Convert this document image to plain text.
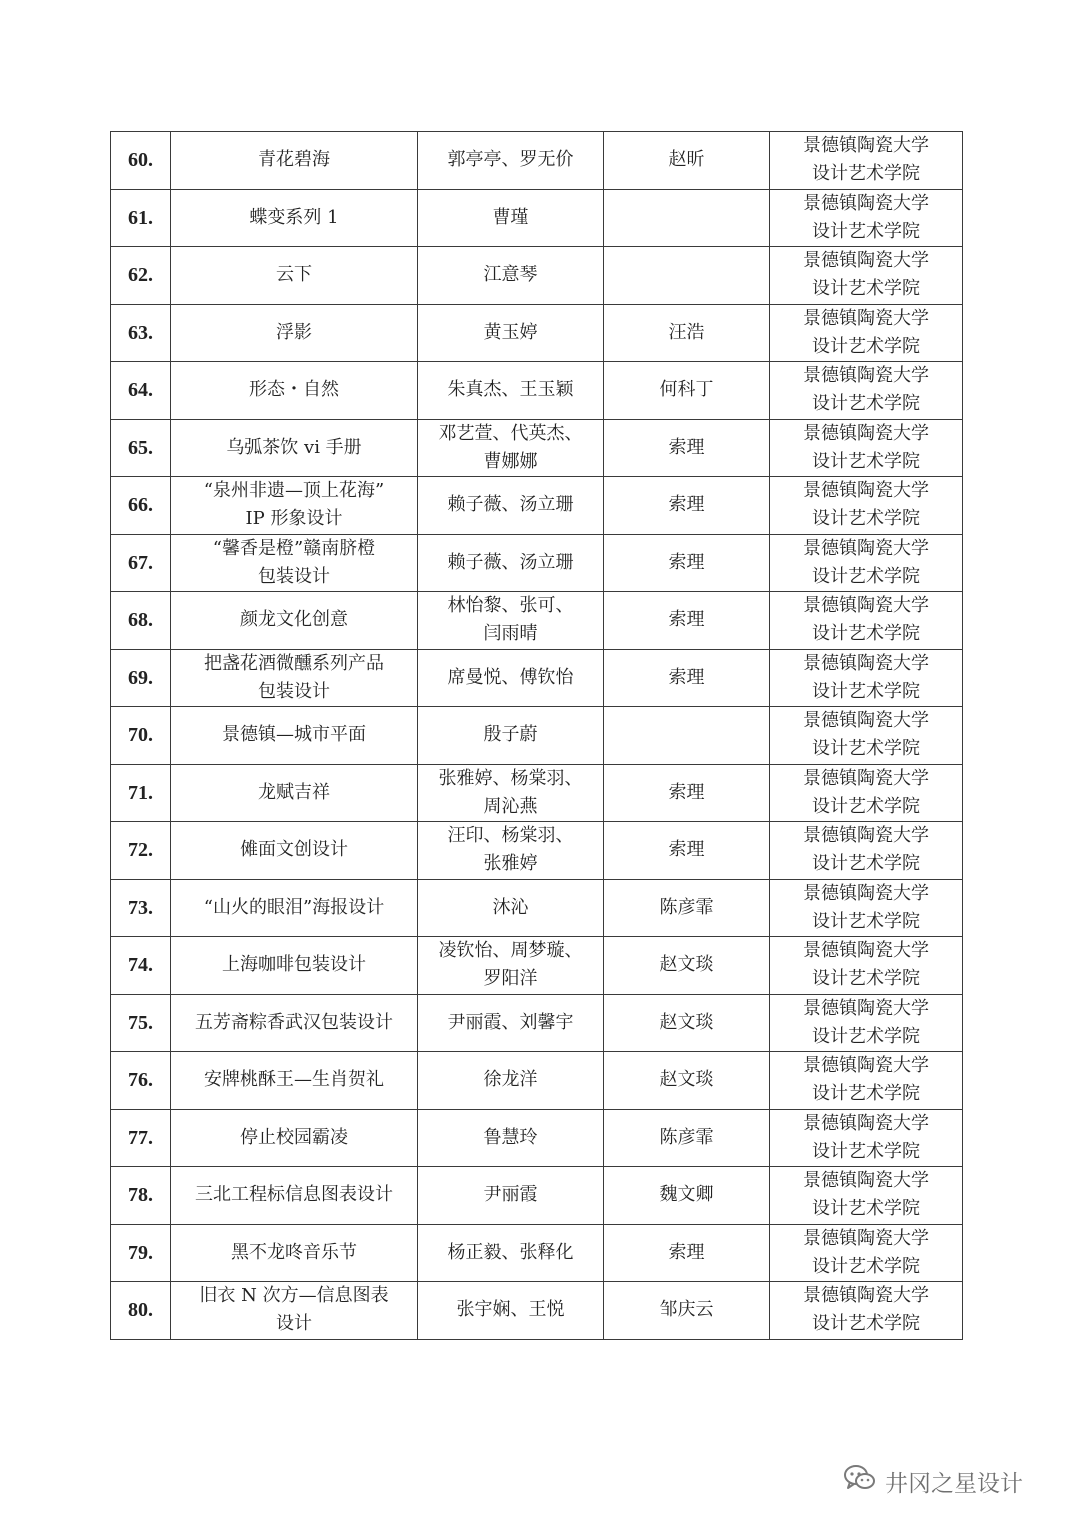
60.	青花碧海	郭亭亭、罗无价	赵昕	景德镇陶瓷大学
设计艺术学院
61.	蝶变系列 1	曹瑾		景德镇陶瓷大学
设计艺术学院
62.	云下	江意琴		景德镇陶瓷大学
设计艺术学院
63.	浮影	黄玉婷	汪浩	景德镇陶瓷大学
设计艺术学院
64.	形态・自然	朱真杰、王玉颖	何科丁	景德镇陶瓷大学
设计艺术学院
65.	乌弧茶饮 vi 手册	邓艺萱、代英杰、
曹娜娜	索理	景德镇陶瓷大学
设计艺术学院
66.	“泉州非遗—顶上花海”
IP 形象设计	赖子薇、汤立珊	索理	景德镇陶瓷大学
设计艺术学院
67.	“馨香是橙”赣南脐橙
包装设计	赖子薇、汤立珊	索理	景德镇陶瓷大学
设计艺术学院
68.	颜龙文化创意	林怡黎、张可、
闫雨晴	索理	景德镇陶瓷大学
设计艺术学院
69.	把盏花酒微醺系列产品
包装设计	席曼悦、傅钦怡	索理	景德镇陶瓷大学
设计艺术学院
70.	景德镇—城市平面	殷子蔚		景德镇陶瓷大学
设计艺术学院
71.	龙赋吉祥	张雅婷、杨棠羽、
周沁燕	索理	景德镇陶瓷大学
设计艺术学院
72.	傩面文创设计	汪印、杨棠羽、
张雅婷	索理	景德镇陶瓷大学
设计艺术学院
73.	“山火的眼泪”海报设计	沐沁	陈彦霏	景德镇陶瓷大学
设计艺术学院
74.	上海咖啡包装设计	凌钦怡、周梦璇、
罗阳洋	赵文琰	景德镇陶瓷大学
设计艺术学院
75.	五芳斋粽香武汉包装设计	尹丽霞、刘馨宇	赵文琰	景德镇陶瓷大学
设计艺术学院
76.	安牌桃酥王—生肖贺礼	徐龙洋	赵文琰	景德镇陶瓷大学
设计艺术学院
77.	停止校园霸凌	鲁慧玲	陈彦霏	景德镇陶瓷大学
设计艺术学院
78.	三北工程标信息图表设计	尹丽霞	魏文卿	景德镇陶瓷大学
设计艺术学院
79.	黑不龙咚音乐节	杨正毅、张释化	索理	景德镇陶瓷大学
设计艺术学院
80.	旧衣 N 次方—信息图表
设计	张宇娴、王悦	邹庆云	景德镇陶瓷大学
设计艺术学院
井冈之星设计
